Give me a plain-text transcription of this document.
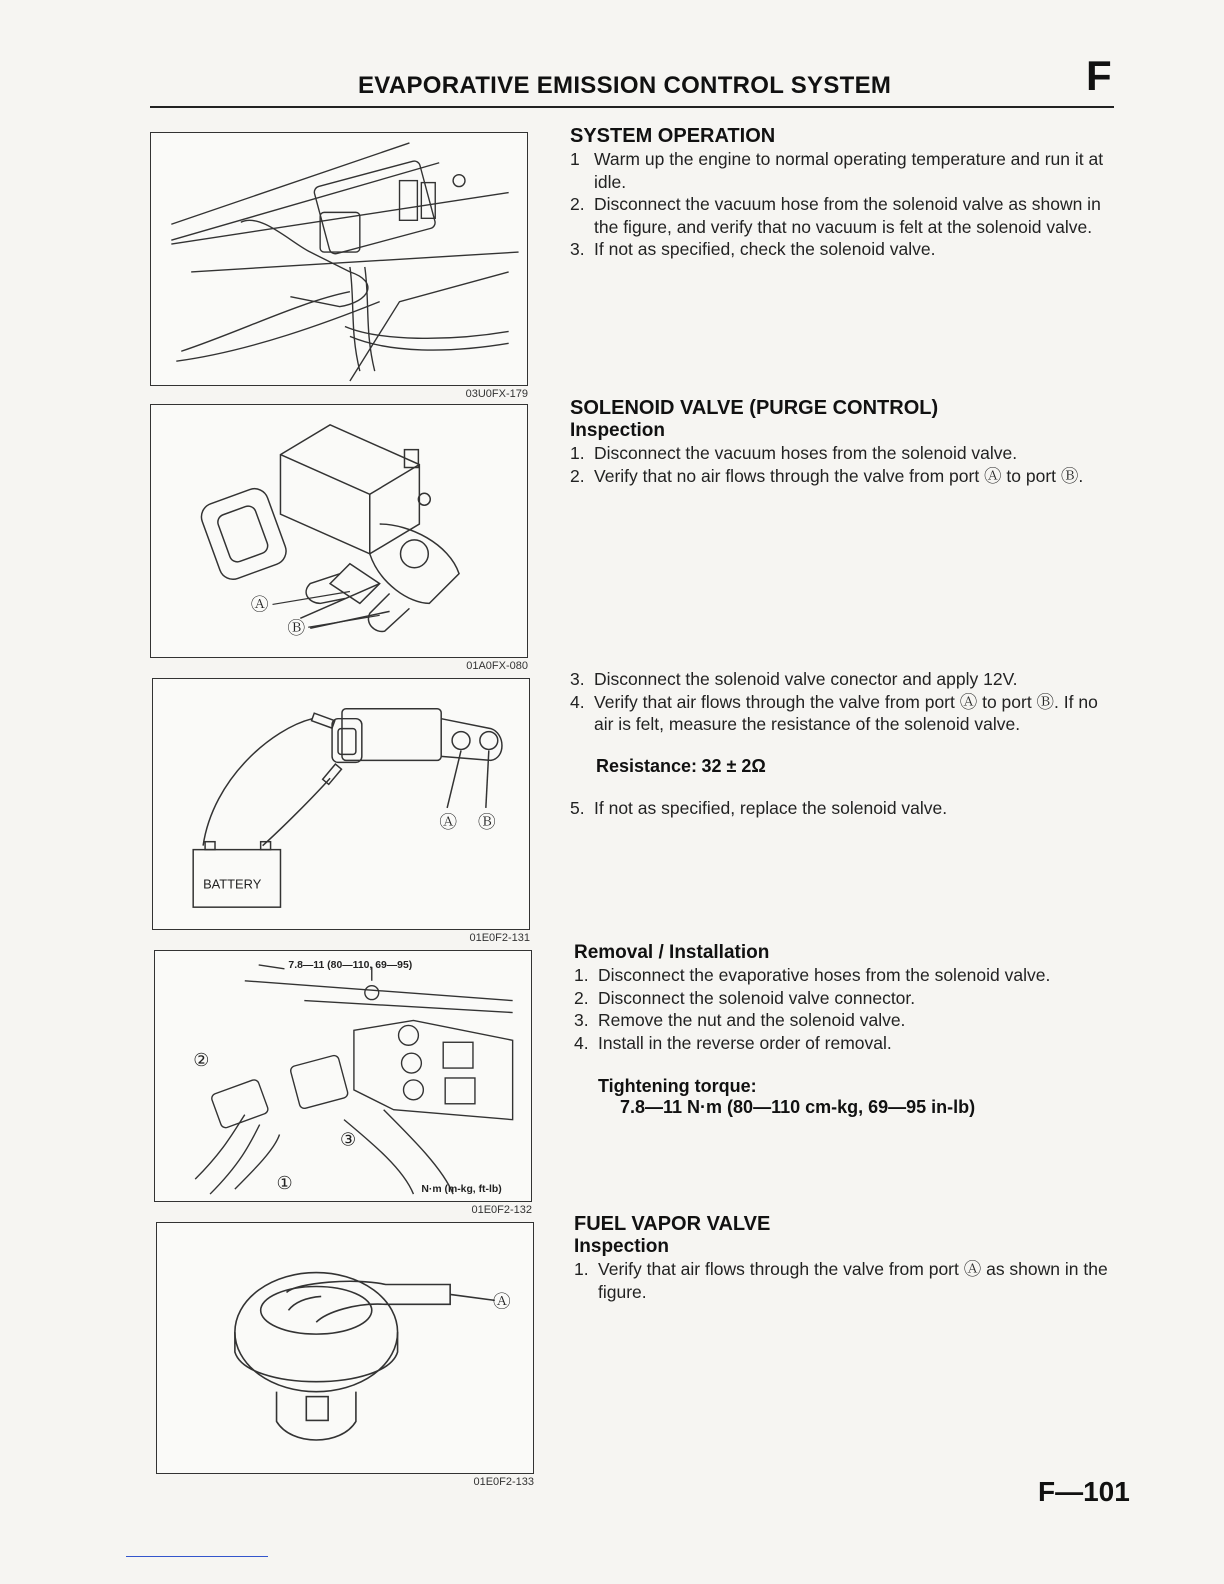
EVAPORATIVE EMISSION CONTROL SYSTEM	F
03U0FX-179
Ⓐ
Ⓑ
01A0FX-080
Ⓐ Ⓑ
BATTERY
01E0F2-131
7.8—11 (80—110, 69—95)
②
③
①	N·m (m-kg, ft-lb)
01E0F2-132
Ⓐ
01E0F2-133
SYSTEM OPERATION
1 Warm up the engine to normal operating temperature and run it at idle.
2. Disconnect the vacuum hose from the solenoid valve as shown in the figure, and verify that no vacuum is felt at the solenoid valve.
3. If not as specified, check the solenoid valve.
SOLENOID VALVE (PURGE CONTROL)
Inspection
1. Disconnect the vacuum hoses from the solenoid valve.
2. Verify that no air flows through the valve from port Ⓐ to port Ⓑ.
3. Disconnect the solenoid valve conector and apply 12V.
4. Verify that air flows through the valve from port Ⓐ to port Ⓑ. If no air is felt, measure the resistance of the solenoid valve.
Resistance: 32 ± 2Ω
5. If not as specified, replace the solenoid valve.
Removal / Installation
1. Disconnect the evaporative hoses from the solenoid valve.
2. Disconnect the solenoid valve connector.
3. Remove the nut and the solenoid valve.
4. Install in the reverse order of removal.
Tightening torque:
7.8—11 N·m (80—110 cm-kg, 69—95 in-lb)
FUEL VAPOR VALVE
Inspection
1. Verify that air flows through the valve from port Ⓐ as shown in the figure.
F—101
